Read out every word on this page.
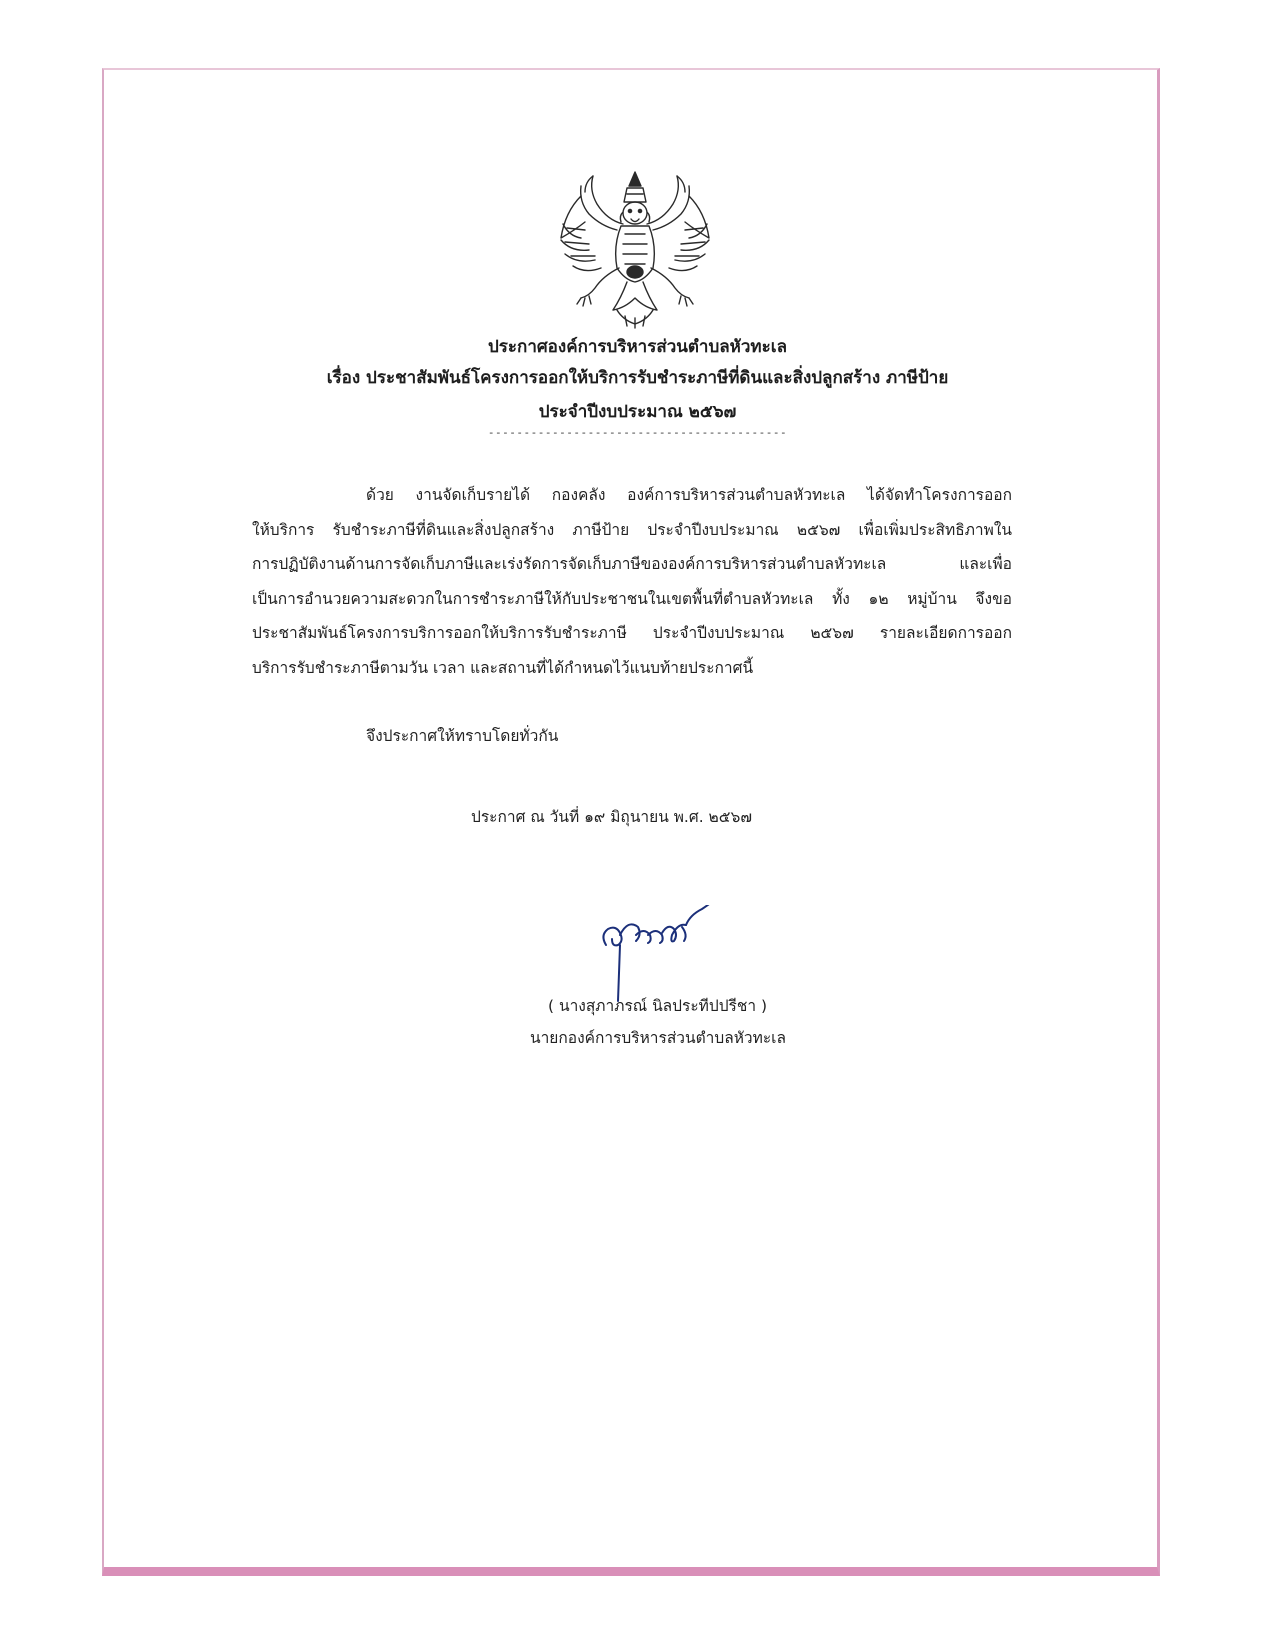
ประกาศองค์การบริหารส่วนตำบลหัวทะเล
เรื่อง ประชาสัมพันธ์โครงการออกให้บริการรับชำระภาษีที่ดินและสิ่งปลูกสร้าง ภาษีป้าย
ประจำปีงบประมาณ ๒๕๖๗
------------------------------------------
ด้วย งานจัดเก็บรายได้ กองคลัง องค์การบริหารส่วนตำบลหัวทะเล ได้จัดทำโครงการออก
ให้บริการ รับชำระภาษีที่ดินและสิ่งปลูกสร้าง ภาษีป้าย ประจำปีงบประมาณ ๒๕๖๗ เพื่อเพิ่มประสิทธิภาพใน
การปฏิบัติงานด้านการจัดเก็บภาษีและเร่งรัดการจัดเก็บภาษีขององค์การบริหารส่วนตำบลหัวทะเล และเพื่อ
เป็นการอำนวยความสะดวกในการชำระภาษีให้กับประชาชนในเขตพื้นที่ตำบลหัวทะเล ทั้ง ๑๒ หมู่บ้าน จึงขอ
ประชาสัมพันธ์โครงการบริการออกให้บริการรับชำระภาษี ประจำปีงบประมาณ ๒๕๖๗ รายละเอียดการออก
บริการรับชำระภาษีตามวัน เวลา และสถานที่ได้กำหนดไว้แนบท้ายประกาศนี้
จึงประกาศให้ทราบโดยทั่วกัน
ประกาศ ณ วันที่ ๑๙ มิถุนายน พ.ศ. ๒๕๖๗
( นางสุภาภรณ์ นิลประทีปปรีชา )
นายกองค์การบริหารส่วนตำบลหัวทะเล
